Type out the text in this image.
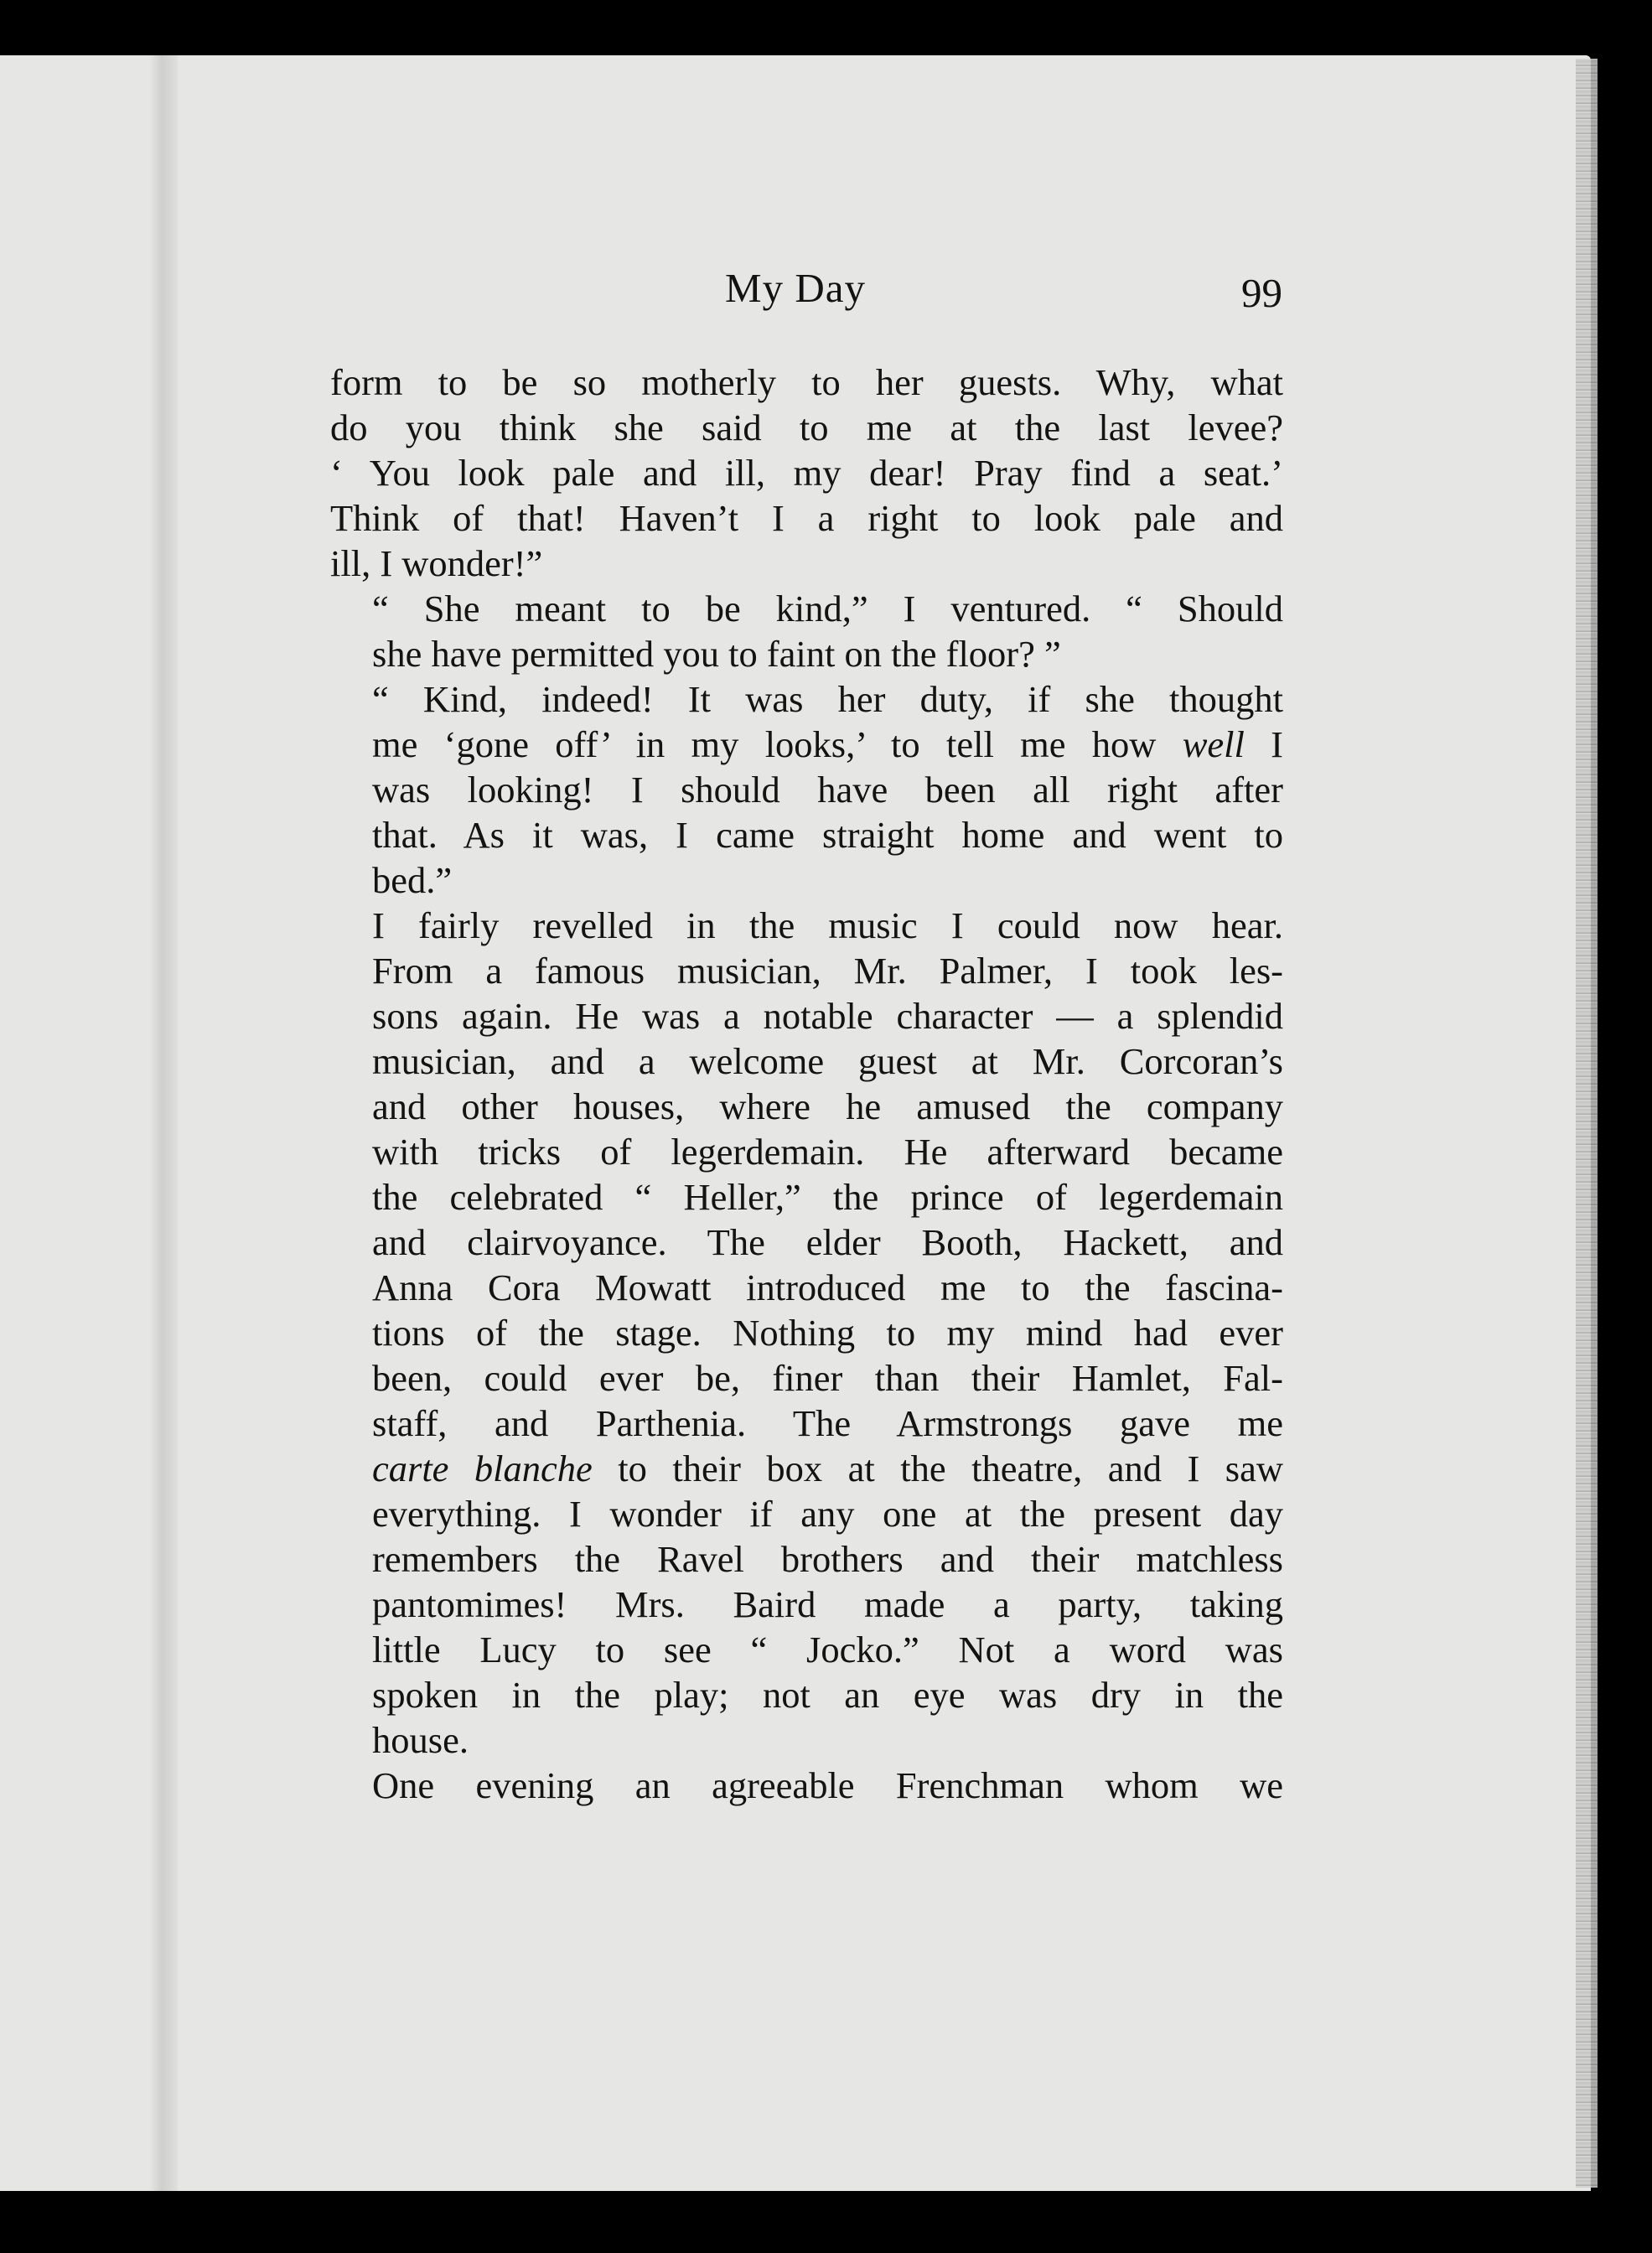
My Day	99

form to be so motherly to her guests. Why, what
do you think she said to me at the last levee?
‘ You look pale and ill, my dear! Pray find a seat.’
Think of that! Haven’t I a right to look pale and
ill, I wonder!”

“ She meant to be kind,” I ventured. “ Should
she have permitted you to faint on the floor? ”

“ Kind, indeed! It was her duty, if she thought
me ‘gone off’ in my looks,’ to tell me how well I
was looking! I should have been all right after
that. As it was, I came straight home and went to
bed.”

I fairly revelled in the music I could now hear.
From a famous musician, Mr. Palmer, I took les-
sons again. He was a notable character — a splendid
musician, and a welcome guest at Mr. Corcoran’s
and other houses, where he amused the company
with tricks of legerdemain. He afterward became
the celebrated “ Heller,” the prince of legerdemain
and clairvoyance. The elder Booth, Hackett, and
Anna Cora Mowatt introduced me to the fascina-
tions of the stage. Nothing to my mind had ever
been, could ever be, finer than their Hamlet, Fal-
staff, and Parthenia. The Armstrongs gave me
carte blanche to their box at the theatre, and I saw
everything. I wonder if any one at the present day
remembers the Ravel brothers and their matchless
pantomimes! Mrs. Baird made a party, taking
little Lucy to see “ Jocko.” Not a word was
spoken in the play; not an eye was dry in the
house.

One evening an agreeable Frenchman whom we
